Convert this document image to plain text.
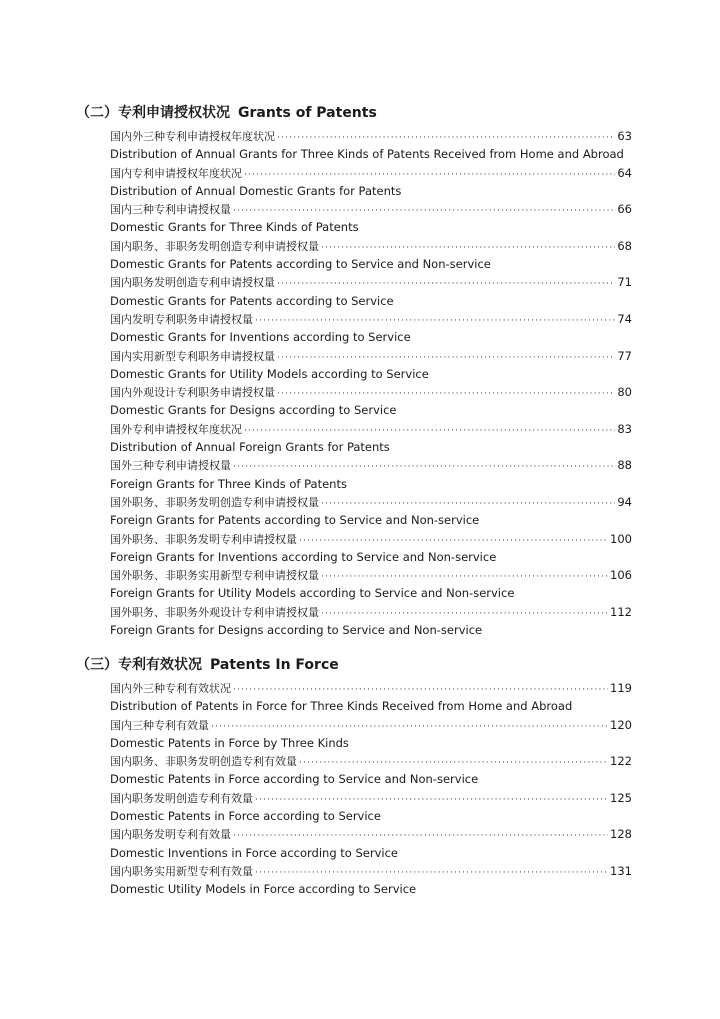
（二）专利申请授权状况 Grants of Patents
国内外三种专利申请授权年度状况 ·····	63
Distribution of Annual Grants for Three Kinds of Patents Received from Home and Abroad
国内专利申请授权年度状况 ·····	64
Distribution of Annual Domestic Grants for Patents
国内三种专利申请授权量 ·····	66
Domestic Grants for Three Kinds of Patents
国内职务、非职务发明创造专利申请授权量 ·····	68
Domestic Grants for Patents according to Service and Non-service
国内职务发明创造专利申请授权量 ·····	71
Domestic Grants for Patents according to Service
国内发明专利职务申请授权量 ·····	74
Domestic Grants for Inventions according to Service
国内实用新型专利职务申请授权量 ·····	77
Domestic Grants for Utility Models according to Service
国内外观设计专利职务申请授权量 ·····	80
Domestic Grants for Designs according to Service
国外专利申请授权年度状况 ·····	83
Distribution of Annual Foreign Grants for Patents
国外三种专利申请授权量 ·····	88
Foreign Grants for Three Kinds of Patents
国外职务、非职务发明创造专利申请授权量 ·····	94
Foreign Grants for Patents according to Service and Non-service
国外职务、非职务发明专利申请授权量 ·····	100
Foreign Grants for Inventions according to Service and Non-service
国外职务、非职务实用新型专利申请授权量 ·····	106
Foreign Grants for Utility Models according to Service and Non-service
国外职务、非职务外观设计专利申请授权量 ·····	112
Foreign Grants for Designs according to Service and Non-service
（三）专利有效状况 Patents In Force
国内外三种专利有效状况 ·····	119
Distribution of Patents in Force for Three Kinds Received from Home and Abroad
国内三种专利有效量 ·····	120
Domestic Patents in Force by Three Kinds
国内职务、非职务发明创造专利有效量 ·····	122
Domestic Patents in Force according to Service and Non-service
国内职务发明创造专利有效量 ·····	125
Domestic Patents in Force according to Service
国内职务发明专利有效量 ·····	128
Domestic Inventions in Force according to Service
国内职务实用新型专利有效量 ·····	131
Domestic Utility Models in Force according to Service
